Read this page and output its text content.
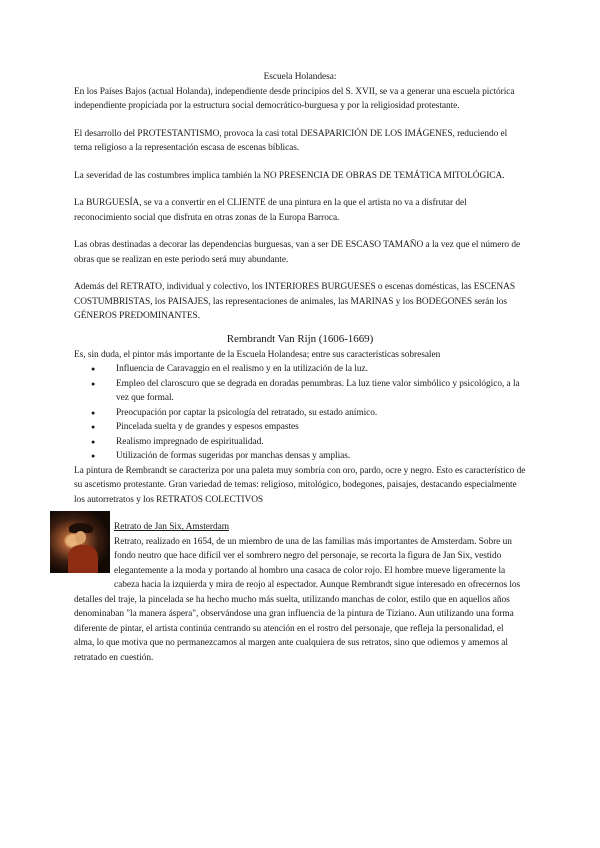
Escuela Holandesa:

En los Países Bajos (actual Holanda), independiente desde principios del S. XVII, se va a generar una escuela pictórica independiente propiciada por la estructura social democrático-burguesa y por la religiosidad protestante.

El desarrollo del PROTESTANTISMO, provoca la casi total DESAPARICIÓN DE LOS IMÁGENES, reduciendo el tema religioso a la representación escasa de escenas bíblicas.

La severidad de las costumbres implica también la NO PRESENCIA DE OBRAS DE TEMÁTICA MITOLÓGICA.

La BURGUESÍA, se va a convertir en el CLIENTE de una pintura en la que el artista no va a disfrutar del reconocimiento social que disfruta en otras zonas de la Europa Barroca.

Las obras destinadas a decorar las dependencias burguesas, van a ser DE ESCASO TAMAÑO a la vez que el número de obras que se realizan en este periodo será muy abundante.

Además del RETRATO, individual y colectivo, los INTERIORES BURGUESES o escenas domésticas, las ESCENAS COSTUMBRISTAS, los PAISAJES, las representaciones de animales, las MARINAS y los BODEGONES serán los GÉNEROS PREDOMINANTES.

Rembrandt Van Rijn (1606-1669)
Es, sin duda, el pintor más importante de la Escuela Holandesa; entre sus características sobresalen
● Influencia de Caravaggio en el realismo y en la utilización de la luz.
● Empleo del claroscuro que se degrada en doradas penumbras. La luz tiene valor simbólico y psicológico, a la vez que formal.
● Preocupación por captar la psicología del retratado, su estado anímico.
● Pincelada suelta y de grandes y espesos empastes
● Realismo impregnado de espiritualidad.
● Utilización de formas sugeridas por manchas densas y amplias.
La pintura de Rembrandt se caracteriza por una paleta muy sombría con oro, pardo, ocre y negro. Esto es característico de su ascetismo protestante. Gran variedad de temas: religioso, mitológico, bodegones, paisajes, destacando especialmente los autorretratos y los RETRATOS COLECTIVOS
Retrato de Jan Six, Amsterdam
Retrato, realizado en 1654, de un miembro de una de las familias más importantes de Amsterdam. Sobre un fondo neutro que hace difícil ver el sombrero negro del personaje, se recorta la figura de Jan Six, vestido elegantemente a la moda y portando al hombro una casaca de color rojo. El hombre mueve ligeramente la cabeza hacia la izquierda y mira de reojo al espectador. Aunque Rembrandt sigue interesado en ofrecernos los detalles del traje, la pincelada se ha hecho mucho más suelta, utilizando manchas de color, estilo que en aquellos años denominaban "la manera áspera", observándose una gran influencia de la pintura de Tiziano. Aun utilizando una forma diferente de pintar, el artista continúa centrando su atención en el rostro del personaje, que refleja la personalidad, el alma, lo que motiva que no permanezcamos al margen ante cualquiera de sus retratos, sino que odiemos y amemos al retratado en cuestión.
